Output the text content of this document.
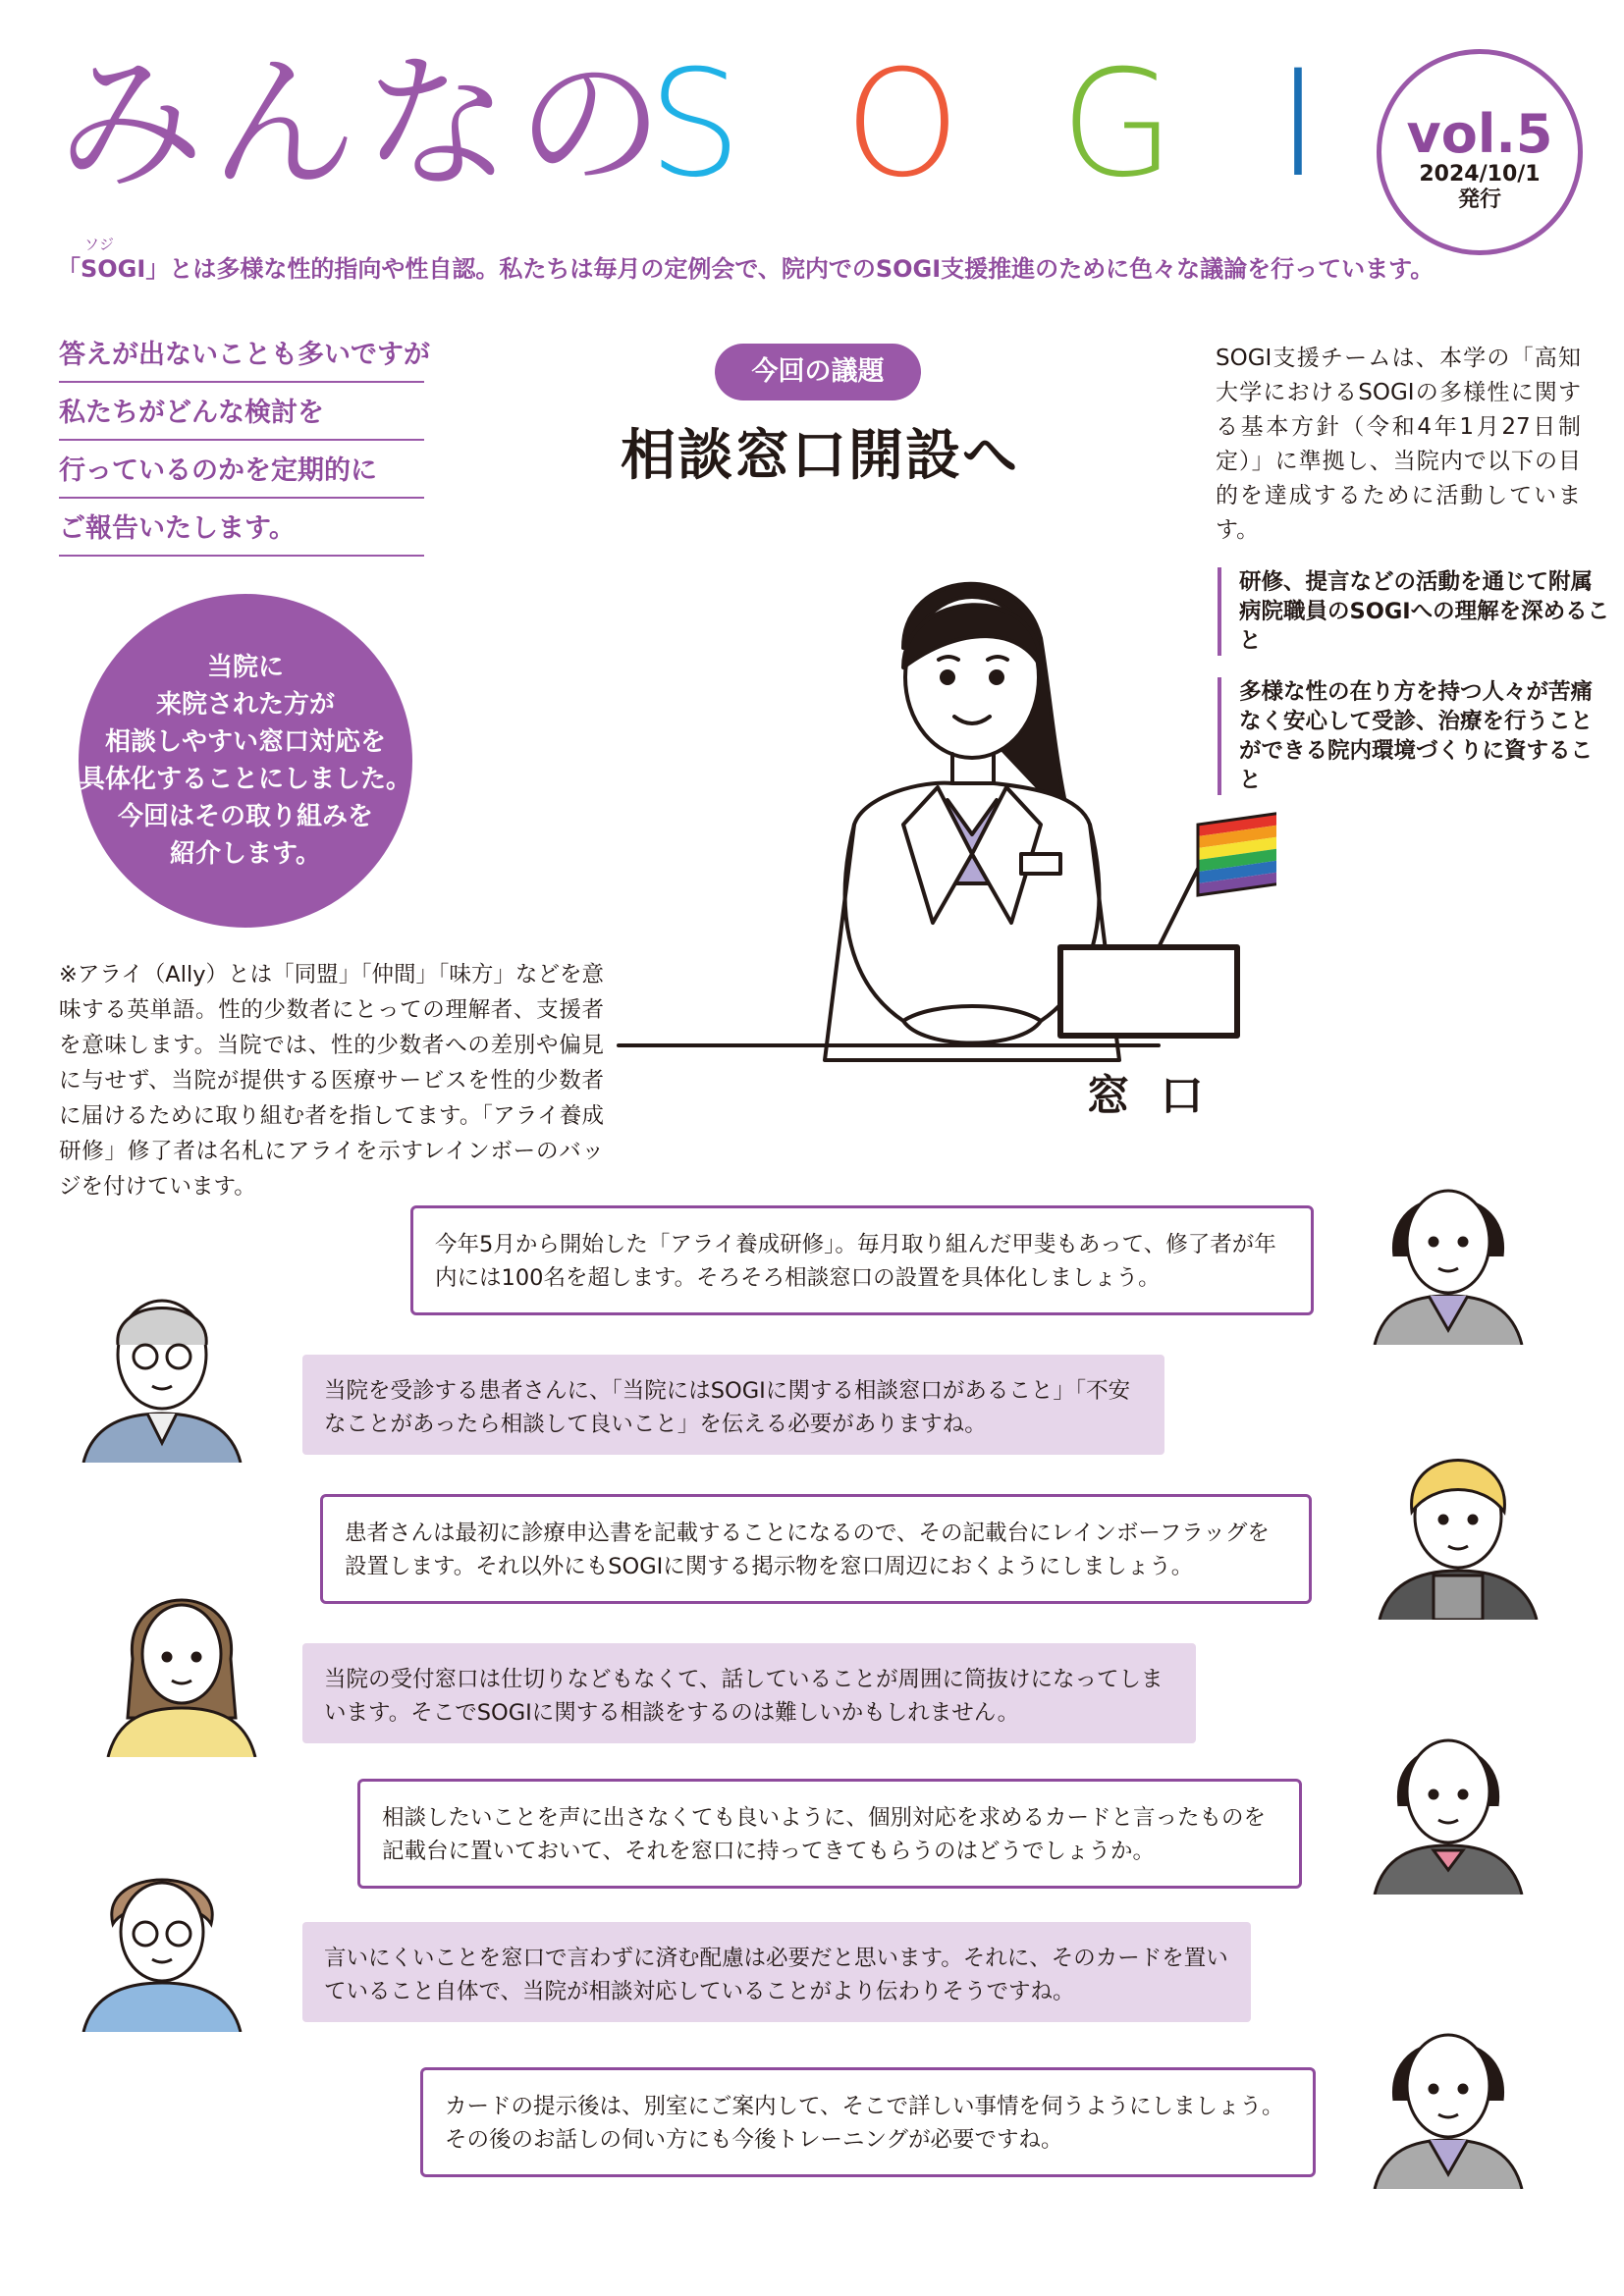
みんなの
S O G I	vol.5
2024/10/1
発行
ソジ
「SOGI」とは多様な性的指向や性自認。私たちは毎月の定例会で、院内でのSOGI支援推進のために色々な議論を行っています。
答えが出ないことも多いですが
私たちがどんな検討を
行っているのかを定期的に
ご報告いたします。
当院に
来院された方が
相談しやすい窓口対応を
具体化することにしました。
今回はその取り組みを
紹介します。
※アライ（Ally）とは「同盟」「仲間」「味方」などを意味する英単語。性的少数者にとっての理解者、支援者を意味します。当院では、性的少数者への差別や偏見に与せず、当院が提供する医療サービスを性的少数者に届けるために取り組む者を指してます。「アライ養成研修」修了者は名札にアライを示すレインボーのバッジを付けています。
今回の議題
相談窓口開設へ
SOGI支援チームは、本学の「高知大学におけるSOGIの多様性に関する基本方針（令和4年1月27日制定）」に準拠し、当院内で以下の目的を達成するために活動しています。
研修、提言などの活動を通じて附属病院職員のSOGIへの理解を深めること
多様な性の在り方を持つ人々が苦痛なく安心して受診、治療を行うことができる院内環境づくりに資すること
窓 口
今年5月から開始した「アライ養成研修」。毎月取り組んだ甲斐もあって、修了者が年内には100名を超します。そろそろ相談窓口の設置を具体化しましょう。
当院を受診する患者さんに、「当院にはSOGIに関する相談窓口があること」「不安なことがあったら相談して良いこと」を伝える必要がありますね。
患者さんは最初に診療申込書を記載することになるので、その記載台にレインボーフラッグを設置します。それ以外にもSOGIに関する掲示物を窓口周辺におくようにしましょう。
当院の受付窓口は仕切りなどもなくて、話していることが周囲に筒抜けになってしまいます。そこでSOGIに関する相談をするのは難しいかもしれません。
相談したいことを声に出さなくても良いように、個別対応を求めるカードと言ったものを記載台に置いておいて、それを窓口に持ってきてもらうのはどうでしょうか。
言いにくいことを窓口で言わずに済む配慮は必要だと思います。それに、そのカードを置いていること自体で、当院が相談対応していることがより伝わりそうですね。
カードの提示後は、別室にご案内して、そこで詳しい事情を伺うようにしましょう。その後のお話しの伺い方にも今後トレーニングが必要ですね。
